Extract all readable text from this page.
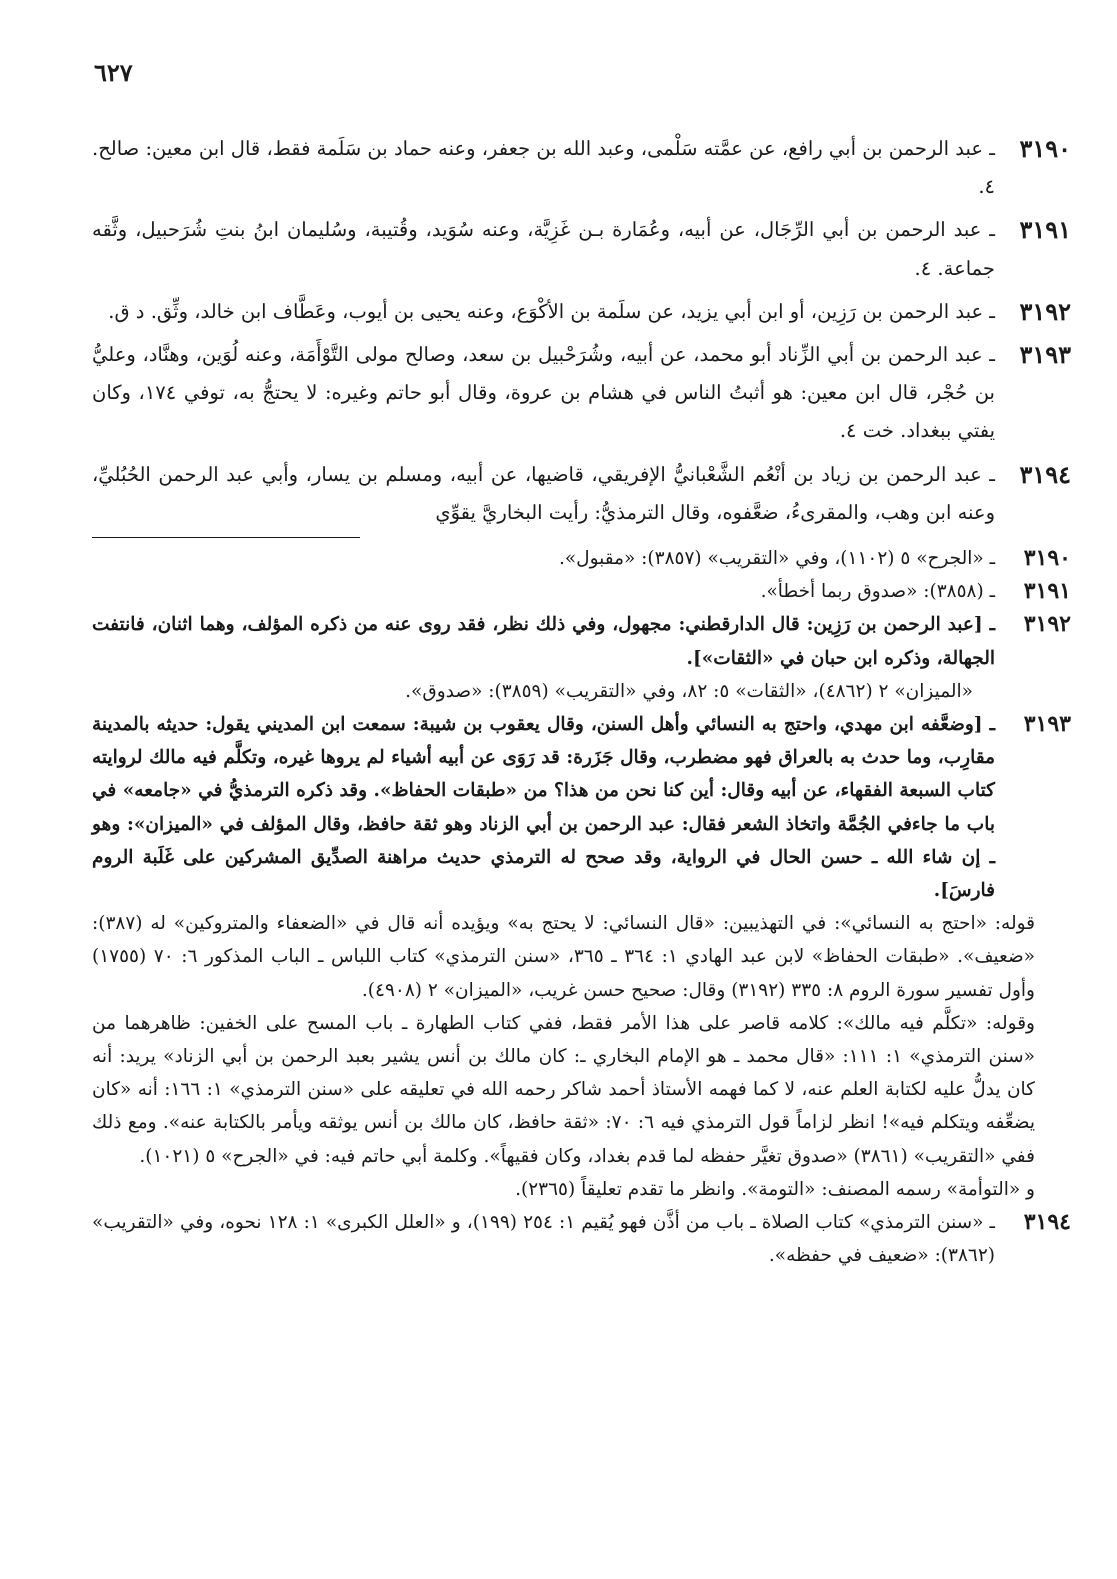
٦٢٧
٣١٩٠
ـ عبد الرحمن بن أبي رافع، عن عمَّته سَلْمى، وعبد الله بن جعفر، وعنه حماد بن سَلَمة فقط، قال ابن معين: صالح. ٤.
٣١٩١
ـ عبد الرحمن بن أبي الرِّجَال، عن أبيه، وعُمَارة بـن غَزِيَّة، وعنه سُوَيد، وقُتيبة، وسُليمان ابنُ بنتِ شُرَحبيل، وثَّقه جماعة. ٤.
٣١٩٢
ـ عبد الرحمن بن رَزِين، أو ابن أبي يزيد، عن سلَمة بن الأكْوَع، وعنه يحيى بن أيوب، وعَطَّاف ابن خالد، وثِّق. د ق.
٣١٩٣
ـ عبد الرحمن بن أبي الزِّناد أبو محمد، عن أبيه، وشُرَحْبيل بن سعد، وصالح مولى التَّوْأَمَة، وعنه لُوَين، وهنَّاد، وعليُّ بن حُجْر، قال ابن معين: هو أثبتُ الناس في هشام بن عروة، وقال أبو حاتم وغيره: لا يحتجُّ به، توفي ١٧٤، وكان يفتي ببغداد. خت ٤.
٣١٩٤
ـ عبد الرحمن بن زياد بن أنْعُم الشَّعْبانيُّ الإفريقي، قاضيها، عن أبيه، ومسلم بن يسار، وأبي عبد الرحمن الحُبُليِّ، وعنه ابن وهب، والمقرىءُ، ضعَّفوه، وقال الترمذيُّ: رأيت البخاريَّ يقوِّي
٣١٩٠
ـ «الجرح» ٥ (١١٠٢)، وفي «التقريب» (٣٨٥٧): «مقبول».
٣١٩١
ـ (٣٨٥٨): «صدوق ربما أخطأ».
٣١٩٢
ـ [عبد الرحمن بن رَزِين: قال الدارقطني: مجهول، وفي ذلك نظر، فقد روى عنه من ذكره المؤلف، وهما اثنان، فانتفت الجهالة، وذكره ابن حبان في «الثقات»].
«الميزان» ٢ (٤٨٦٢)، «الثقات» ٥: ٨٢، وفي «التقريب» (٣٨٥٩): «صدوق».
٣١٩٣
ـ [وضعَّفه ابن مهدي، واحتج به النسائي وأهل السنن، وقال يعقوب بن شيبة: سمعت ابن المديني يقول: حديثه بالمدينة مقارِب، وما حدث به بالعراق فهو مضطرب، وقال جَزَرة: قد رَوَى عن أبيه أشياء لم يروها غيره، وتكلَّم فيه مالك لروايته كتاب السبعة الفقهاء، عن أبيه وقال: أين كنا نحن من هذا؟ من «طبقات الحفاظ». وقد ذكره الترمذيُّ في «جامعه» في باب ما جاءفي الجُمَّة واتخاذ الشعر فقال: عبد الرحمن بن أبي الزناد وهو ثقة حافظ، وقال المؤلف في «الميزان»: وهو ـ إن شاء الله ـ حسن الحال في الرواية، وقد صحح له الترمذي حديث مراهنة الصدِّيق المشركين على غَلَبة الروم فارسَ].
قوله: «احتج به النسائي»: في التهذيبين: «قال النسائي: لا يحتج به» ويؤيده أنه قال في «الضعفاء والمتروكين» له (٣٨٧): «ضعيف». «طبقات الحفاظ» لابن عبد الهادي ١: ٣٦٤ ـ ٣٦٥، «سنن الترمذي» كتاب اللباس ـ الباب المذكور ٦: ٧٠ (١٧٥٥) وأول تفسير سورة الروم ٨: ٣٣٥ (٣١٩٢) وقال: صحيح حسن غريب، «الميزان» ٢ (٤٩٠٨).
وقوله: «تكلَّم فيه مالك»: كلامه قاصر على هذا الأمر فقط، ففي كتاب الطهارة ـ باب المسح على الخفين: ظاهرهما من «سنن الترمذي» ١: ١١١: «قال محمد ـ هو الإمام البخاري ـ: كان مالك بن أنس يشير بعبد الرحمن بن أبي الزناد» يريد: أنه كان يدلُّ عليه لكتابة العلم عنه، لا كما فهمه الأستاذ أحمد شاكر رحمه الله في تعليقه على «سنن الترمذي» ١: ١٦٦: أنه «كان يضعِّفه ويتكلم فيه»! انظر لزاماً قول الترمذي فيه ٦: ٧٠: «ثقة حافظ، كان مالك بن أنس يوثقه ويأمر بالكتابة عنه». ومع ذلك ففي «التقريب» (٣٨٦١) «صدوق تغيَّر حفظه لما قدم بغداد، وكان فقيهاً». وكلمة أبي حاتم فيه: في «الجرح» ٥ (١٠٢١).
و «التوأمة» رسمه المصنف: «التومة». وانظر ما تقدم تعليقاً (٢٣٦٥).
٣١٩٤
ـ «سنن الترمذي» كتاب الصلاة ـ باب من أذَّن فهو يُقيم ١: ٢٥٤ (١٩٩)، و «العلل الكبرى» ١: ١٢٨ نحوه، وفي «التقريب» (٣٨٦٢): «ضعيف في حفظه».
